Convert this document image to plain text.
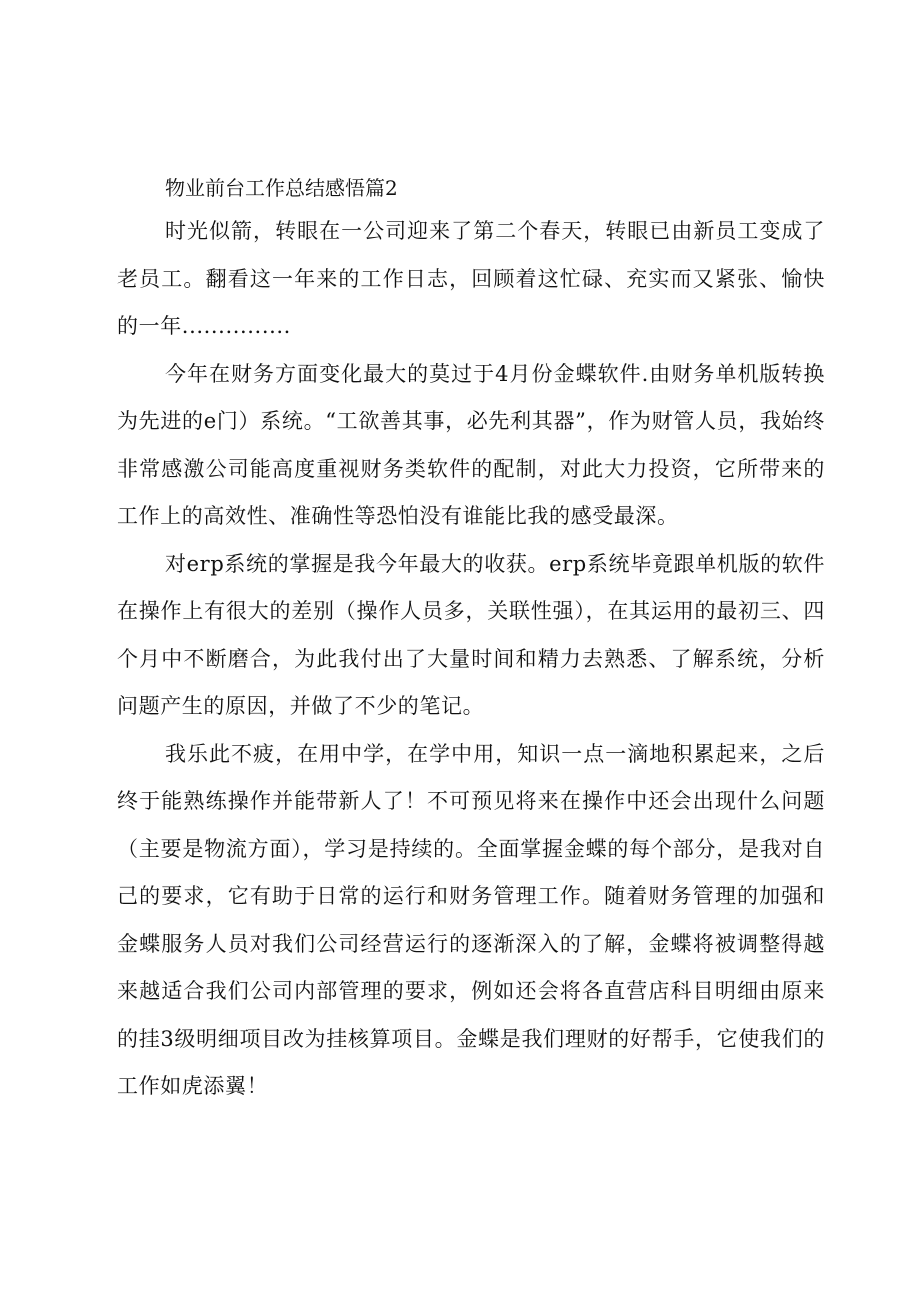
物业前台工作总结感悟篇2

时光似箭，转眼在一公司迎来了第二个春天，转眼已由新员工变成了老员工。翻看这一年来的工作日志，回顾着这忙碌、充实而又紧张、愉快的一年...............

今年在财务方面变化最大的莫过于4月份金蝶软件.由财务单机版转换为先进的e门）系统。“工欲善其事，必先利其器”，作为财管人员，我始终非常感激公司能高度重视财务类软件的配制，对此大力投资，它所带来的工作上的高效性、准确性等恐怕没有谁能比我的感受最深。

对erp系统的掌握是我今年最大的收获。erp系统毕竟跟单机版的软件在操作上有很大的差别（操作人员多，关联性强），在其运用的最初三、四个月中不断磨合，为此我付出了大量时间和精力去熟悉、了解系统，分析问题产生的原因，并做了不少的笔记。

我乐此不疲，在用中学，在学中用，知识一点一滴地积累起来，之后终于能熟练操作并能带新人了！不可预见将来在操作中还会出现什么问题（主要是物流方面），学习是持续的。全面掌握金蝶的每个部分，是我对自己的要求，它有助于日常的运行和财务管理工作。随着财务管理的加强和金蝶服务人员对我们公司经营运行的逐渐深入的了解，金蝶将被调整得越来越适合我们公司内部管理的要求，例如还会将各直营店科目明细由原来的挂3级明细项目改为挂核算项目。金蝶是我们理财的好帮手，它使我们的工作如虎添翼！
